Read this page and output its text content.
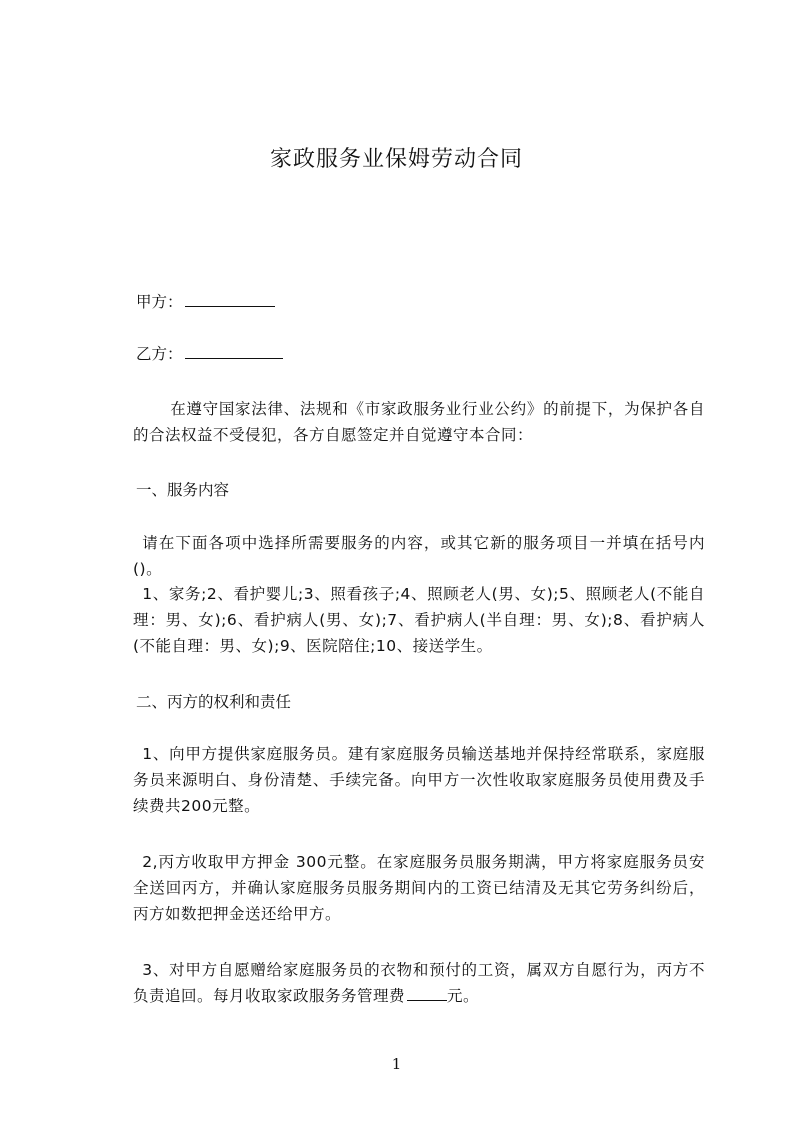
家政服务业保姆劳动合同
甲方：
乙方：
在遵守国家法律、法规和《市家政服务业行业公约》的前提下，为保护各自的合法权益不受侵犯，各方自愿签定并自觉遵守本合同：
一、服务内容
请在下面各项中选择所需要服务的内容，或其它新的服务项目一并填在括号内()。
1、家务;2、看护婴儿;3、照看孩子;4、照顾老人(男、女);5、照顾老人(不能自理：男、女);6、看护病人(男、女);7、看护病人(半自理：男、女);8、看护病人(不能自理：男、女);9、医院陪住;10、接送学生。
二、丙方的权利和责任
1、向甲方提供家庭服务员。建有家庭服务员输送基地并保持经常联系，家庭服务员来源明白、身份清楚、手续完备。向甲方一次性收取家庭服务员使用费及手续费共200元整。
2,丙方收取甲方押金 300元整。在家庭服务员服务期满，甲方将家庭服务员安全送回丙方，并确认家庭服务员服务期间内的工资已结清及无其它劳务纠纷后，丙方如数把押金送还给甲方。
3、对甲方自愿赠给家庭服务员的衣物和预付的工资，属双方自愿行为，丙方不负责追回。每月收取家政服务务管理费	元。
1
